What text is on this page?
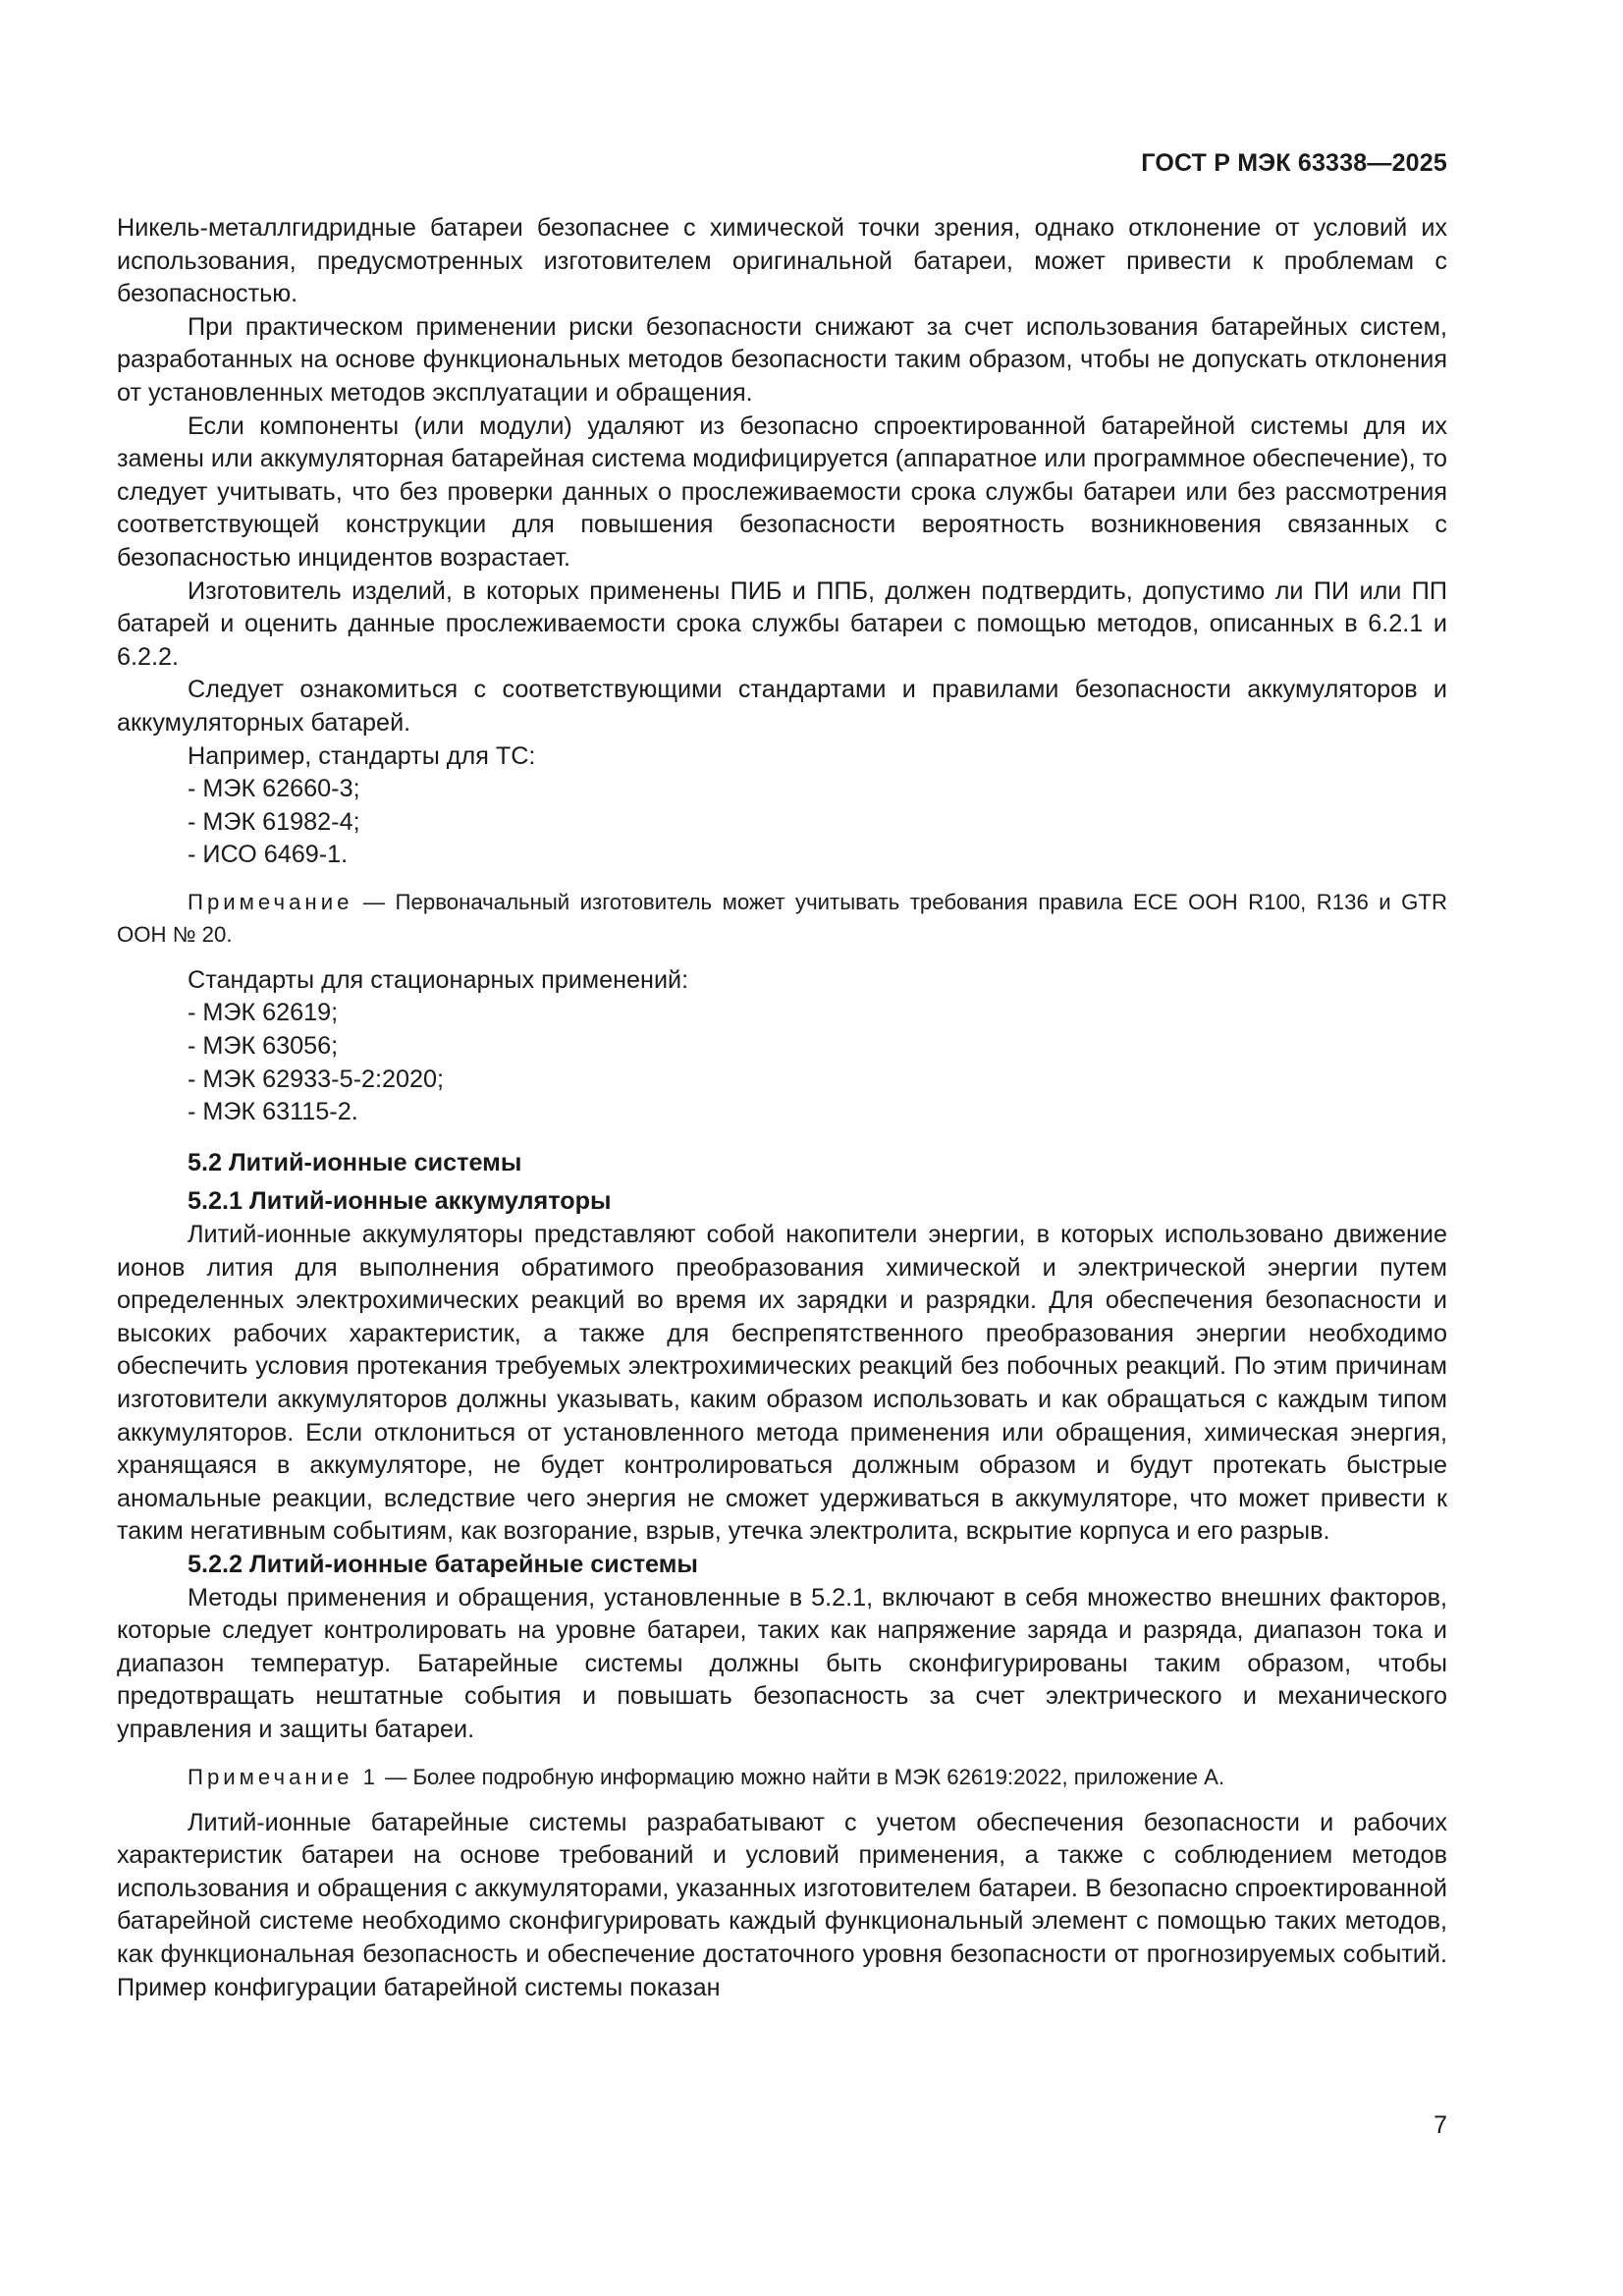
ГОСТ Р МЭК 63338—2025

Никель-металлгидридные батареи безопаснее с химической точки зрения, однако отклонение от условий их использования, предусмотренных изготовителем оригинальной батареи, может привести к проблемам с безопасностью.

При практическом применении риски безопасности снижают за счет использования батарейных систем, разработанных на основе функциональных методов безопасности таким образом, чтобы не допускать отклонения от установленных методов эксплуатации и обращения.

Если компоненты (или модули) удаляют из безопасно спроектированной батарейной системы для их замены или аккумуляторная батарейная система модифицируется (аппаратное или программное обеспечение), то следует учитывать, что без проверки данных о прослеживаемости срока службы батареи или без рассмотрения соответствующей конструкции для повышения безопасности вероятность возникновения связанных с безопасностью инцидентов возрастает.

Изготовитель изделий, в которых применены ПИБ и ППБ, должен подтвердить, допустимо ли ПИ или ПП батарей и оценить данные прослеживаемости срока службы батареи с помощью методов, описанных в 6.2.1 и 6.2.2.

Следует ознакомиться с соответствующими стандартами и правилами безопасности аккумуляторов и аккумуляторных батарей.

Например, стандарты для ТС:

- МЭК 62660-3;

- МЭК 61982-4;

- ИСО 6469-1.

Примечание — Первоначальный изготовитель может учитывать требования правила ЕСЕ ООН R100, R136 и GTR ООН № 20.

Стандарты для стационарных применений:

- МЭК 62619;

- МЭК 63056;

- МЭК 62933-5-2:2020;

- МЭК 63115-2.

5.2 Литий-ионные системы
5.2.1 Литий-ионные аккумуляторы

Литий-ионные аккумуляторы представляют собой накопители энергии, в которых использовано движение ионов лития для выполнения обратимого преобразования химической и электрической энергии путем определенных электрохимических реакций во время их зарядки и разрядки. Для обеспечения безопасности и высоких рабочих характеристик, а также для беспрепятственного преобразования энергии необходимо обеспечить условия протекания требуемых электрохимических реакций без побочных реакций. По этим причинам изготовители аккумуляторов должны указывать, каким образом использовать и как обращаться с каждым типом аккумуляторов. Если отклониться от установленного метода применения или обращения, химическая энергия, хранящаяся в аккумуляторе, не будет контролироваться должным образом и будут протекать быстрые аномальные реакции, вследствие чего энергия не сможет удерживаться в аккумуляторе, что может привести к таким негативным событиям, как возгорание, взрыв, утечка электролита, вскрытие корпуса и его разрыв.

5.2.2 Литий-ионные батарейные системы

Методы применения и обращения, установленные в 5.2.1, включают в себя множество внешних факторов, которые следует контролировать на уровне батареи, таких как напряжение заряда и разряда, диапазон тока и диапазон температур. Батарейные системы должны быть сконфигурированы таким образом, чтобы предотвращать нештатные события и повышать безопасность за счет электрического и механического управления и защиты батареи.

Примечание 1 — Более подробную информацию можно найти в МЭК 62619:2022, приложение А.

Литий-ионные батарейные системы разрабатывают с учетом обеспечения безопасности и рабочих характеристик батареи на основе требований и условий применения, а также с соблюдением методов использования и обращения с аккумуляторами, указанных изготовителем батареи. В безопасно спроектированной батарейной системе необходимо сконфигурировать каждый функциональный элемент с помощью таких методов, как функциональная безопасность и обеспечение достаточного уровня безопасности от прогнозируемых событий. Пример конфигурации батарейной системы показан

7
